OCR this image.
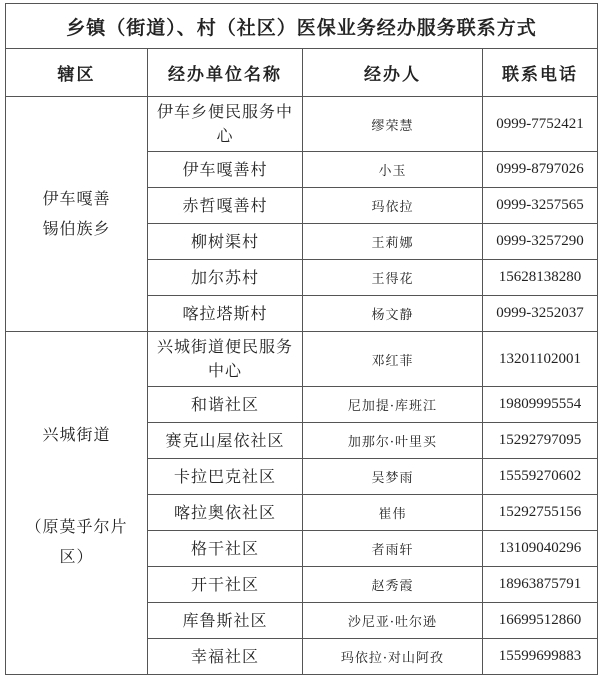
乡镇（街道）、村（社区）医保业务经办服务联系方式			
辖区	经办单位名称	经办人	联系电话

伊车嘎善
锡伯族乡	伊车乡便民服务中心	缪荣慧	0999-7752421
	伊车嘎善村	小玉	0999-8797026
	赤哲嘎善村	玛依拉	0999-3257565
	柳树渠村	王莉娜	0999-3257290
	加尔苏村	王得花	15628138280
	喀拉塔斯村	杨文静	0999-3252037

兴城街道
（原莫乎尔片
区）	兴城街道便民服务中心	邓红菲	13201102001
	和谐社区	尼加提·库班江	19809995554
	赛克山屋依社区	加那尔·叶里买	15292797095
	卡拉巴克社区	吴梦雨	15559270602
	喀拉奥依社区	崔伟	15292755156
	格干社区	者雨轩	13109040296
	开干社区	赵秀霞	18963875791
	库鲁斯社区	沙尼亚·吐尔逊	16699512860
	幸福社区	玛依拉·对山阿孜	15599699883
